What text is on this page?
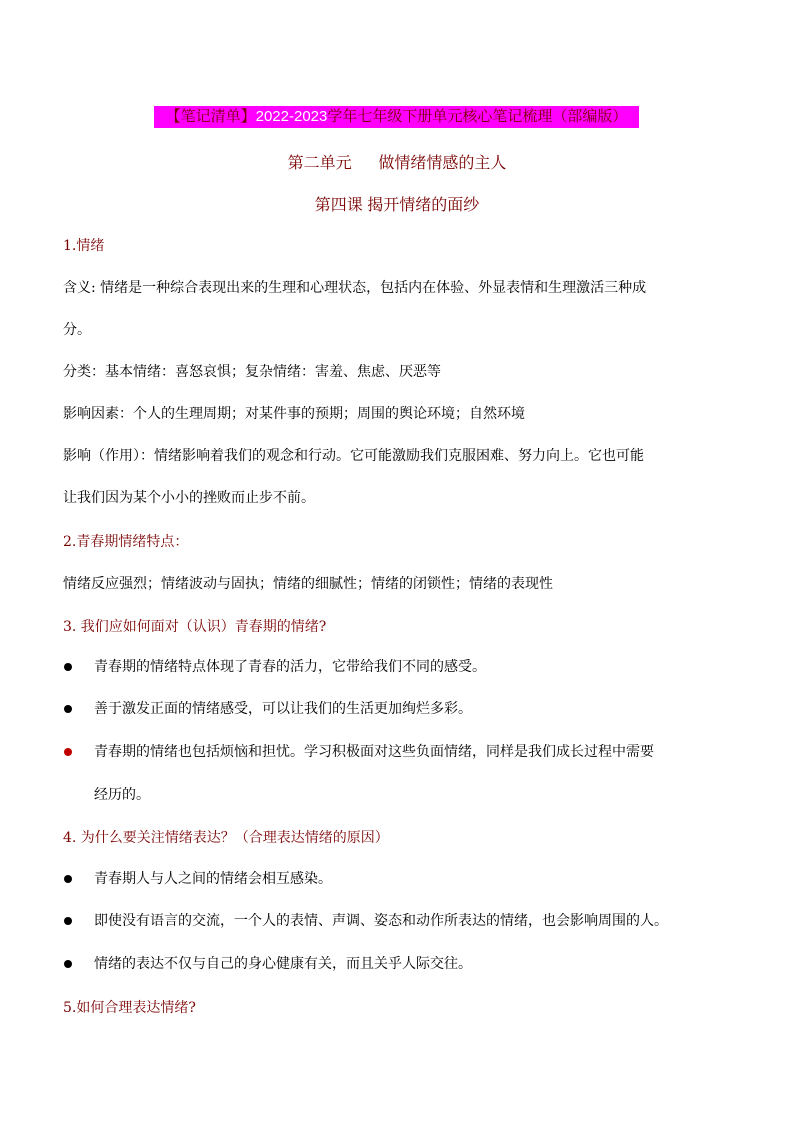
【笔记清单】2022-2023学年七年级下册单元核心笔记梳理（部编版）
第二单元      做情绪情感的主人
第四课 揭开情绪的面纱
1.情绪
含义: 情绪是一种综合表现出来的生理和心理状态，包括内在体验、外显表情和生理激活三种成
分。
分类：基本情绪：喜怒哀惧；复杂情绪：害羞、焦虑、厌恶等
影响因素：个人的生理周期；对某件事的预期；周围的舆论环境；自然环境
影响（作用）：情绪影响着我们的观念和行动。它可能激励我们克服困难、努力向上。它也可能
让我们因为某个小小的挫败而止步不前。
2.青春期情绪特点：
情绪反应强烈；情绪波动与固执；情绪的细腻性；情绪的闭锁性；情绪的表现性
3. 我们应如何面对（认识）青春期的情绪?
青春期的情绪特点体现了青春的活力，它带给我们不同的感受。
善于激发正面的情绪感受，可以让我们的生活更加绚烂多彩。
青春期的情绪也包括烦恼和担忧。学习积极面对这些负面情绪，同样是我们成长过程中需要
经历的。
4. 为什么要关注情绪表达？（合理表达情绪的原因）
青春期人与人之间的情绪会相互感染。
即使没有语言的交流，一个人的表情、声调、姿态和动作所表达的情绪，也会影响周围的人。
情绪的表达不仅与自己的身心健康有关，而且关乎人际交往。
5.如何合理表达情绪?
